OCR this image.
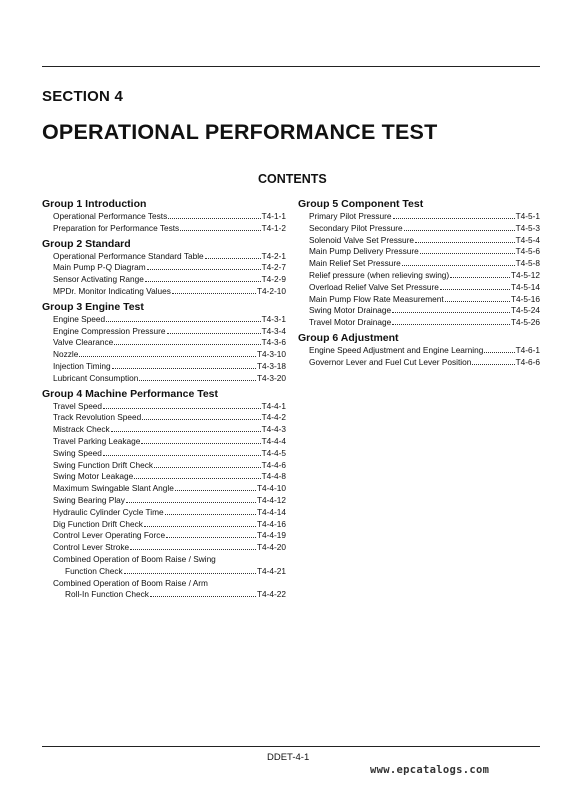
SECTION 4
OPERATIONAL PERFORMANCE TEST
CONTENTS
Group 1 Introduction
Operational Performance Tests	T4-1-1
Preparation for Performance Tests	T4-1-2
Group 2 Standard
Operational Performance Standard Table	T4-2-1
Main Pump P-Q Diagram	T4-2-7
Sensor Activating Range	T4-2-9
MPDr. Monitor Indicating Values	T4-2-10
Group 3 Engine Test
Engine Speed	T4-3-1
Engine Compression Pressure	T4-3-4
Valve Clearance	T4-3-6
Nozzle	T4-3-10
Injection Timing	T4-3-18
Lubricant Consumption	T4-3-20
Group 4 Machine Performance Test
Travel Speed	T4-4-1
Track Revolution Speed	T4-4-2
Mistrack Check	T4-4-3
Travel Parking Leakage	T4-4-4
Swing Speed	T4-4-5
Swing Function Drift Check	T4-4-6
Swing Motor Leakage	T4-4-8
Maximum Swingable Slant Angle	T4-4-10
Swing Bearing Play	T4-4-12
Hydraulic Cylinder Cycle Time	T4-4-14
Dig Function Drift Check	T4-4-16
Control Lever Operating Force	T4-4-19
Control Lever Stroke	T4-4-20
Combined Operation of Boom Raise / Swing
Function Check	T4-4-21
Combined Operation of Boom Raise / Arm
Roll-In Function Check	T4-4-22
Group 5 Component Test
Primary Pilot Pressure	T4-5-1
Secondary Pilot Pressure	T4-5-3
Solenoid Valve Set Pressure	T4-5-4
Main Pump Delivery Pressure	T4-5-6
Main Relief Set Pressure	T4-5-8
Relief pressure (when relieving swing)	T4-5-12
Overload Relief Valve Set Pressure	T4-5-14
Main Pump Flow Rate Measurement	T4-5-16
Swing Motor Drainage	T4-5-24
Travel Motor Drainage	T4-5-26
Group 6 Adjustment
Engine Speed Adjustment and Engine Learning	T4-6-1
Governor Lever and Fuel Cut Lever Position	T4-6-6
DDET-4-1
www.epcatalogs.com
